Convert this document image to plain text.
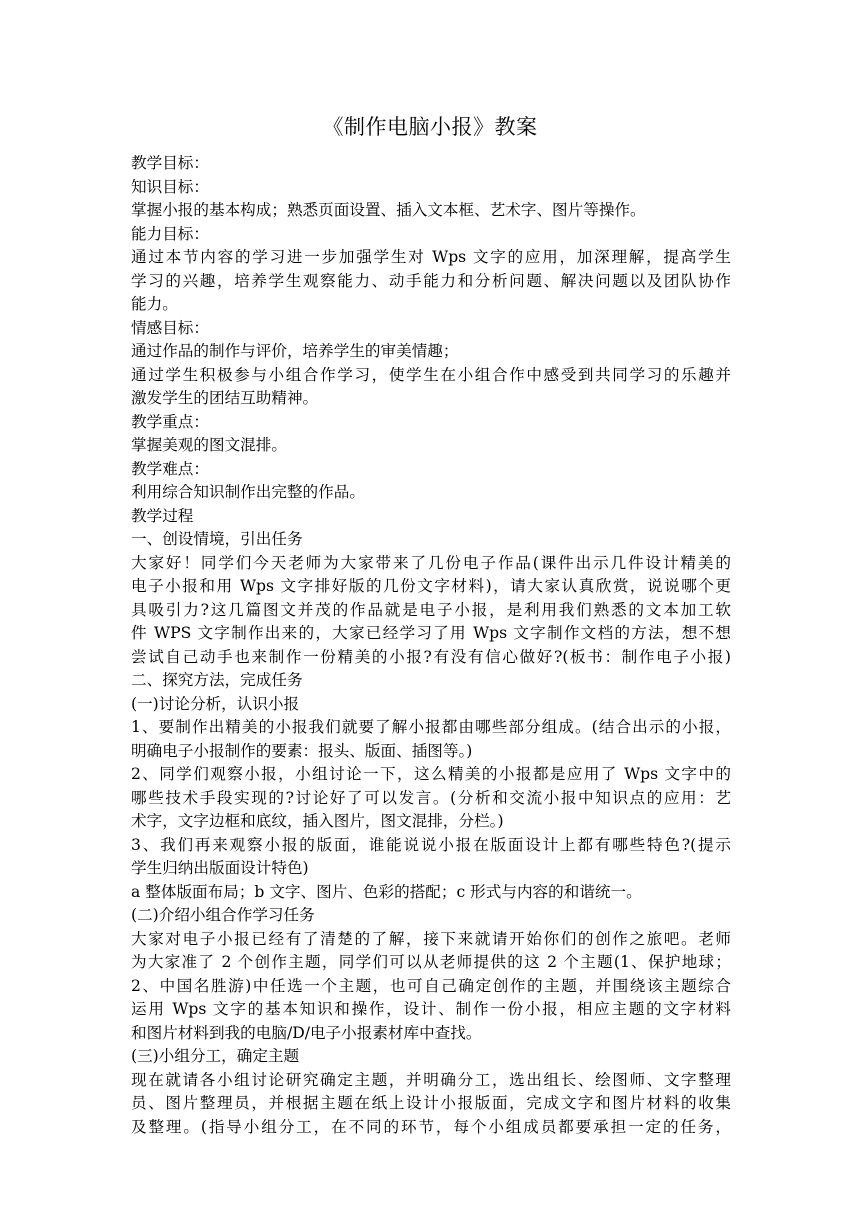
《制作电脑小报》教案
教学目标：
知识目标：
掌握小报的基本构成；熟悉页面设置、插入文本框、艺术字、图片等操作。
能力目标：
通过本节内容的学习进一步加强学生对 Wps 文字的应用，加深理解，提高学生
学习的兴趣，培养学生观察能力、动手能力和分析问题、解决问题以及团队协作
能力。
情感目标：
通过作品的制作与评价，培养学生的审美情趣；
通过学生积极参与小组合作学习，使学生在小组合作中感受到共同学习的乐趣并
激发学生的团结互助精神。
教学重点：
掌握美观的图文混排。
教学难点：
利用综合知识制作出完整的作品。
教学过程
一、创设情境，引出任务
大家好！同学们今天老师为大家带来了几份电子作品(课件出示几件设计精美的
电子小报和用 Wps 文字排好版的几份文字材料)，请大家认真欣赏，说说哪个更
具吸引力?这几篇图文并茂的作品就是电子小报，是利用我们熟悉的文本加工软
件 WPS 文字制作出来的，大家已经学习了用 Wps 文字制作文档的方法，想不想
尝试自己动手也来制作一份精美的小报?有没有信心做好?(板书：制作电子小报)
二、探究方法，完成任务
(一)讨论分析，认识小报
1、要制作出精美的小报我们就要了解小报都由哪些部分组成。(结合出示的小报，
明确电子小报制作的要素：报头、版面、插图等。)
2、同学们观察小报，小组讨论一下，这么精美的小报都是应用了 Wps 文字中的
哪些技术手段实现的?讨论好了可以发言。(分析和交流小报中知识点的应用：艺
术字，文字边框和底纹，插入图片，图文混排，分栏。)
3、我们再来观察小报的版面，谁能说说小报在版面设计上都有哪些特色?(提示
学生归纳出版面设计特色)
a 整体版面布局；b 文字、图片、色彩的搭配；c 形式与内容的和谐统一。
(二)介绍小组合作学习任务
大家对电子小报已经有了清楚的了解，接下来就请开始你们的创作之旅吧。老师
为大家准了 2 个创作主题，同学们可以从老师提供的这 2 个主题(1、保护地球；
2、中国名胜游)中任选一个主题，也可自己确定创作的主题，并围绕该主题综合
运用 Wps 文字的基本知识和操作，设计、制作一份小报，相应主题的文字材料
和图片材料到我的电脑/D/电子小报素材库中查找。
(三)小组分工，确定主题
现在就请各小组讨论研究确定主题，并明确分工，选出组长、绘图师、文字整理
员、图片整理员，并根据主题在纸上设计小报版面，完成文字和图片材料的收集
及整理。(指导小组分工，在不同的环节，每个小组成员都要承担一定的任务，
